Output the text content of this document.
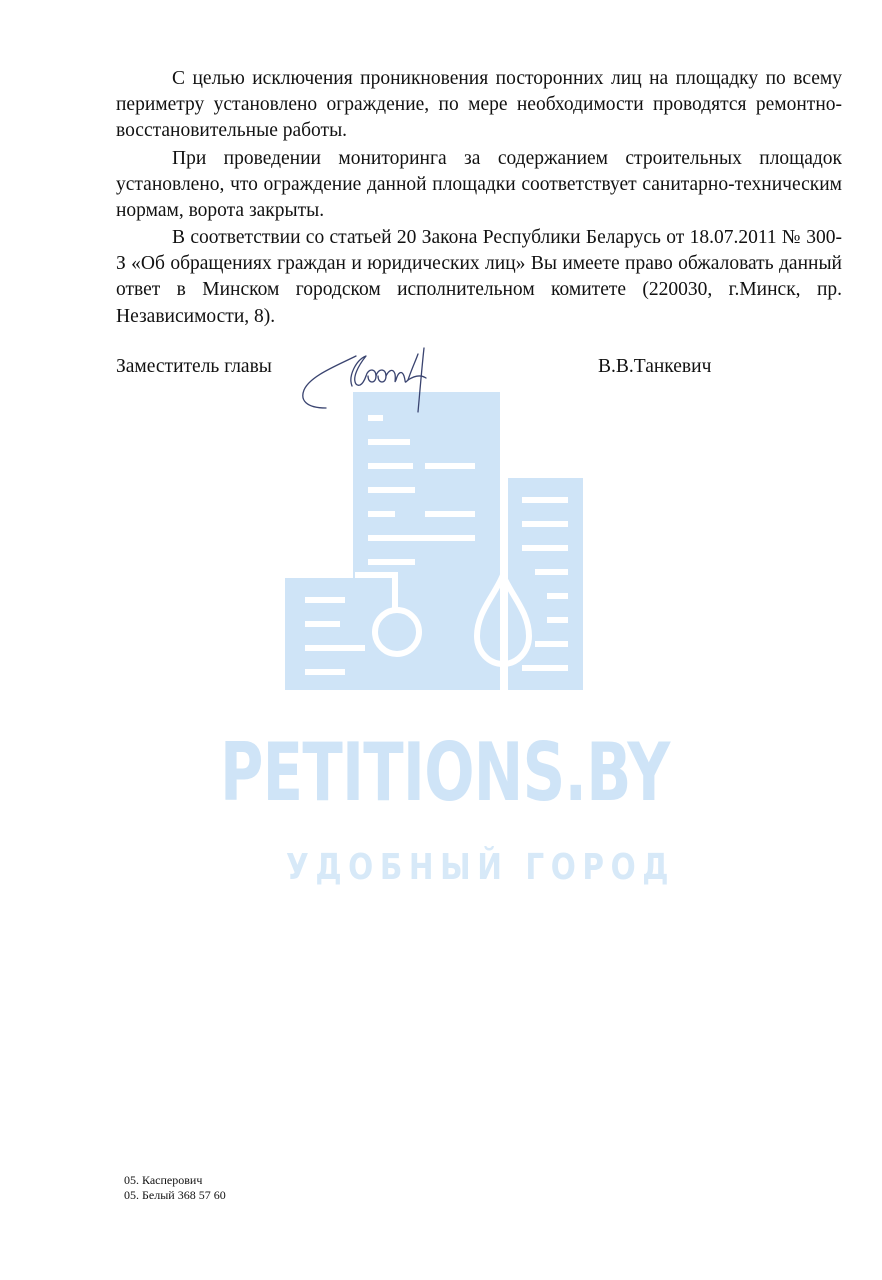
PETITIONS.BY
УДОБНЫЙ ГОРОД

С целью исключения проникновения посторонних лиц на площадку по всему периметру установлено ограждение, по мере необходимости проводятся ремонтно-восстановительные работы.

При проведении мониторинга за содержанием строительных площадок установлено, что ограждение данной площадки соответствует санитарно-техническим нормам, ворота закрыты.

В соответствии со статьей 20 Закона Республики Беларусь от 18.07.2011 № 300-З «Об обращениях граждан и юридических лиц» Вы имеете право обжаловать данный ответ в Минском городском исполнительном комитете (220030, г.Минск, пр. Независимости, 8).

Заместитель главы	В.В.Танкевич
05. Касперович
05. Белый 368 57 60
